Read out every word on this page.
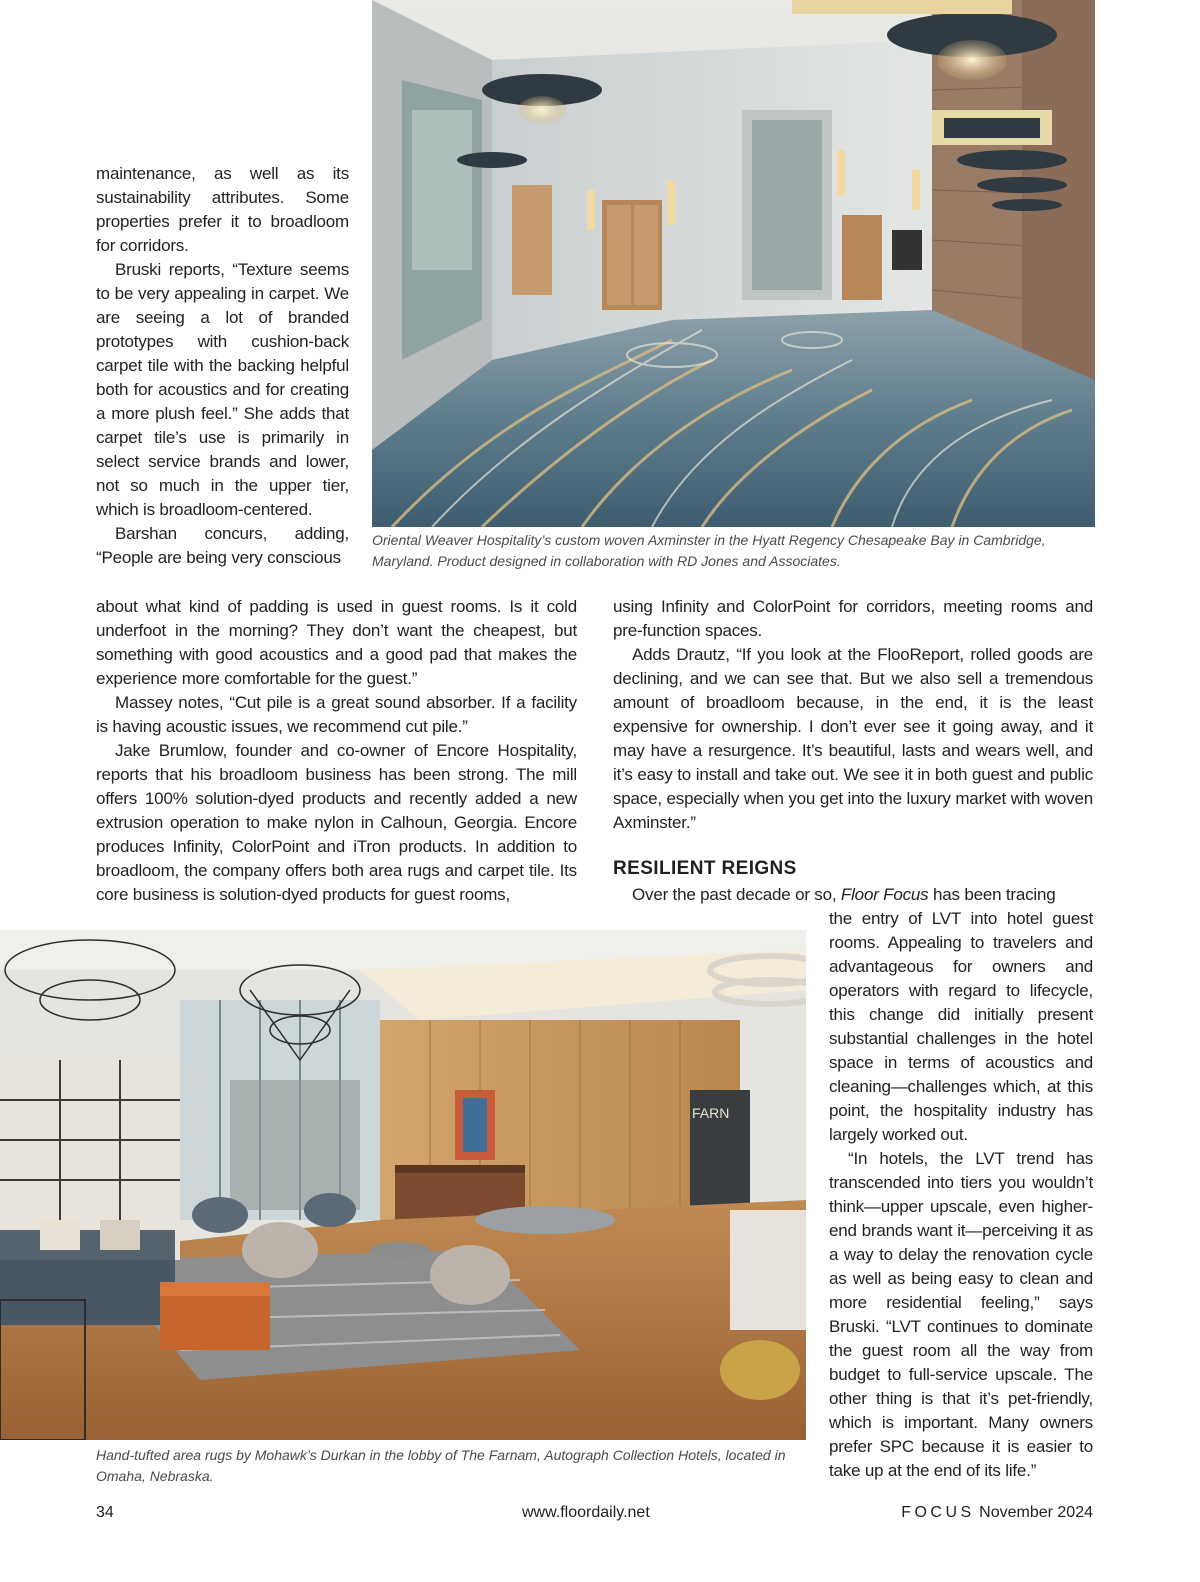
maintenance, as well as its sustainability attributes. Some properties prefer it to broadloom for corridors.

Bruski reports, “Texture seems to be very appealing in carpet. We are seeing a lot of branded prototypes with cushion-back carpet tile with the backing helpful both for acoustics and for creating a more plush feel.” She adds that carpet tile’s use is primarily in select service brands and lower, not so much in the upper tier, which is broadloom-centered.

Barshan concurs, adding, “People are being very conscious

Oriental Weaver Hospitality’s custom woven Axminster in the Hyatt Regency Chesapeake Bay in Cambridge, Maryland. Product designed in collaboration with RD Jones and Associates.

about what kind of padding is used in guest rooms. Is it cold underfoot in the morning? They don’t want the cheapest, but something with good acoustics and a good pad that makes the experience more comfortable for the guest.”

Massey notes, “Cut pile is a great sound absorber. If a facility is having acoustic issues, we recommend cut pile.”

Jake Brumlow, founder and co-owner of Encore Hospitality, reports that his broadloom business has been strong. The mill offers 100% solution-dyed products and recently added a new extrusion operation to make nylon in Calhoun, Georgia. Encore produces Infinity, ColorPoint and iTron products. In addition to broadloom, the company offers both area rugs and carpet tile. Its core business is solution-dyed products for guest rooms,

using Infinity and ColorPoint for corridors, meeting rooms and pre-function spaces.

Adds Drautz, “If you look at the FlooReport, rolled goods are declining, and we can see that. But we also sell a tremendous amount of broadloom because, in the end, it is the least expensive for ownership. I don’t ever see it going away, and it may have a resurgence. It’s beautiful, lasts and wears well, and it’s easy to install and take out. We see it in both guest and public space, especially when you get into the luxury market with woven Axminster.”

RESILIENT REIGNS

Over the past decade or so, Floor Focus has been tracing

the entry of LVT into hotel guest rooms. Appealing to travelers and advantageous for owners and operators with regard to lifecycle, this change did initially present substantial challenges in the hotel space in terms of acoustics and cleaning—challenges which, at this point, the hospitality industry has largely worked out.

“In hotels, the LVT trend has transcended into tiers you wouldn’t think—upper upscale, even higher-end brands want it—perceiving it as a way to delay the renovation cycle as well as being easy to clean and more residential feeling,” says Bruski. “LVT continues to dominate the guest room all the way from budget to full-service upscale. The other thing is that it’s pet-friendly, which is important. Many owners prefer SPC because it is easier to take up at the end of its life.”

FARN
Hand-tufted area rugs by Mohawk’s Durkan in the lobby of The Farnam, Autograph Collection Hotels, located in Omaha, Nebraska.
34	www.floordaily.net	FOCUS November 2024
